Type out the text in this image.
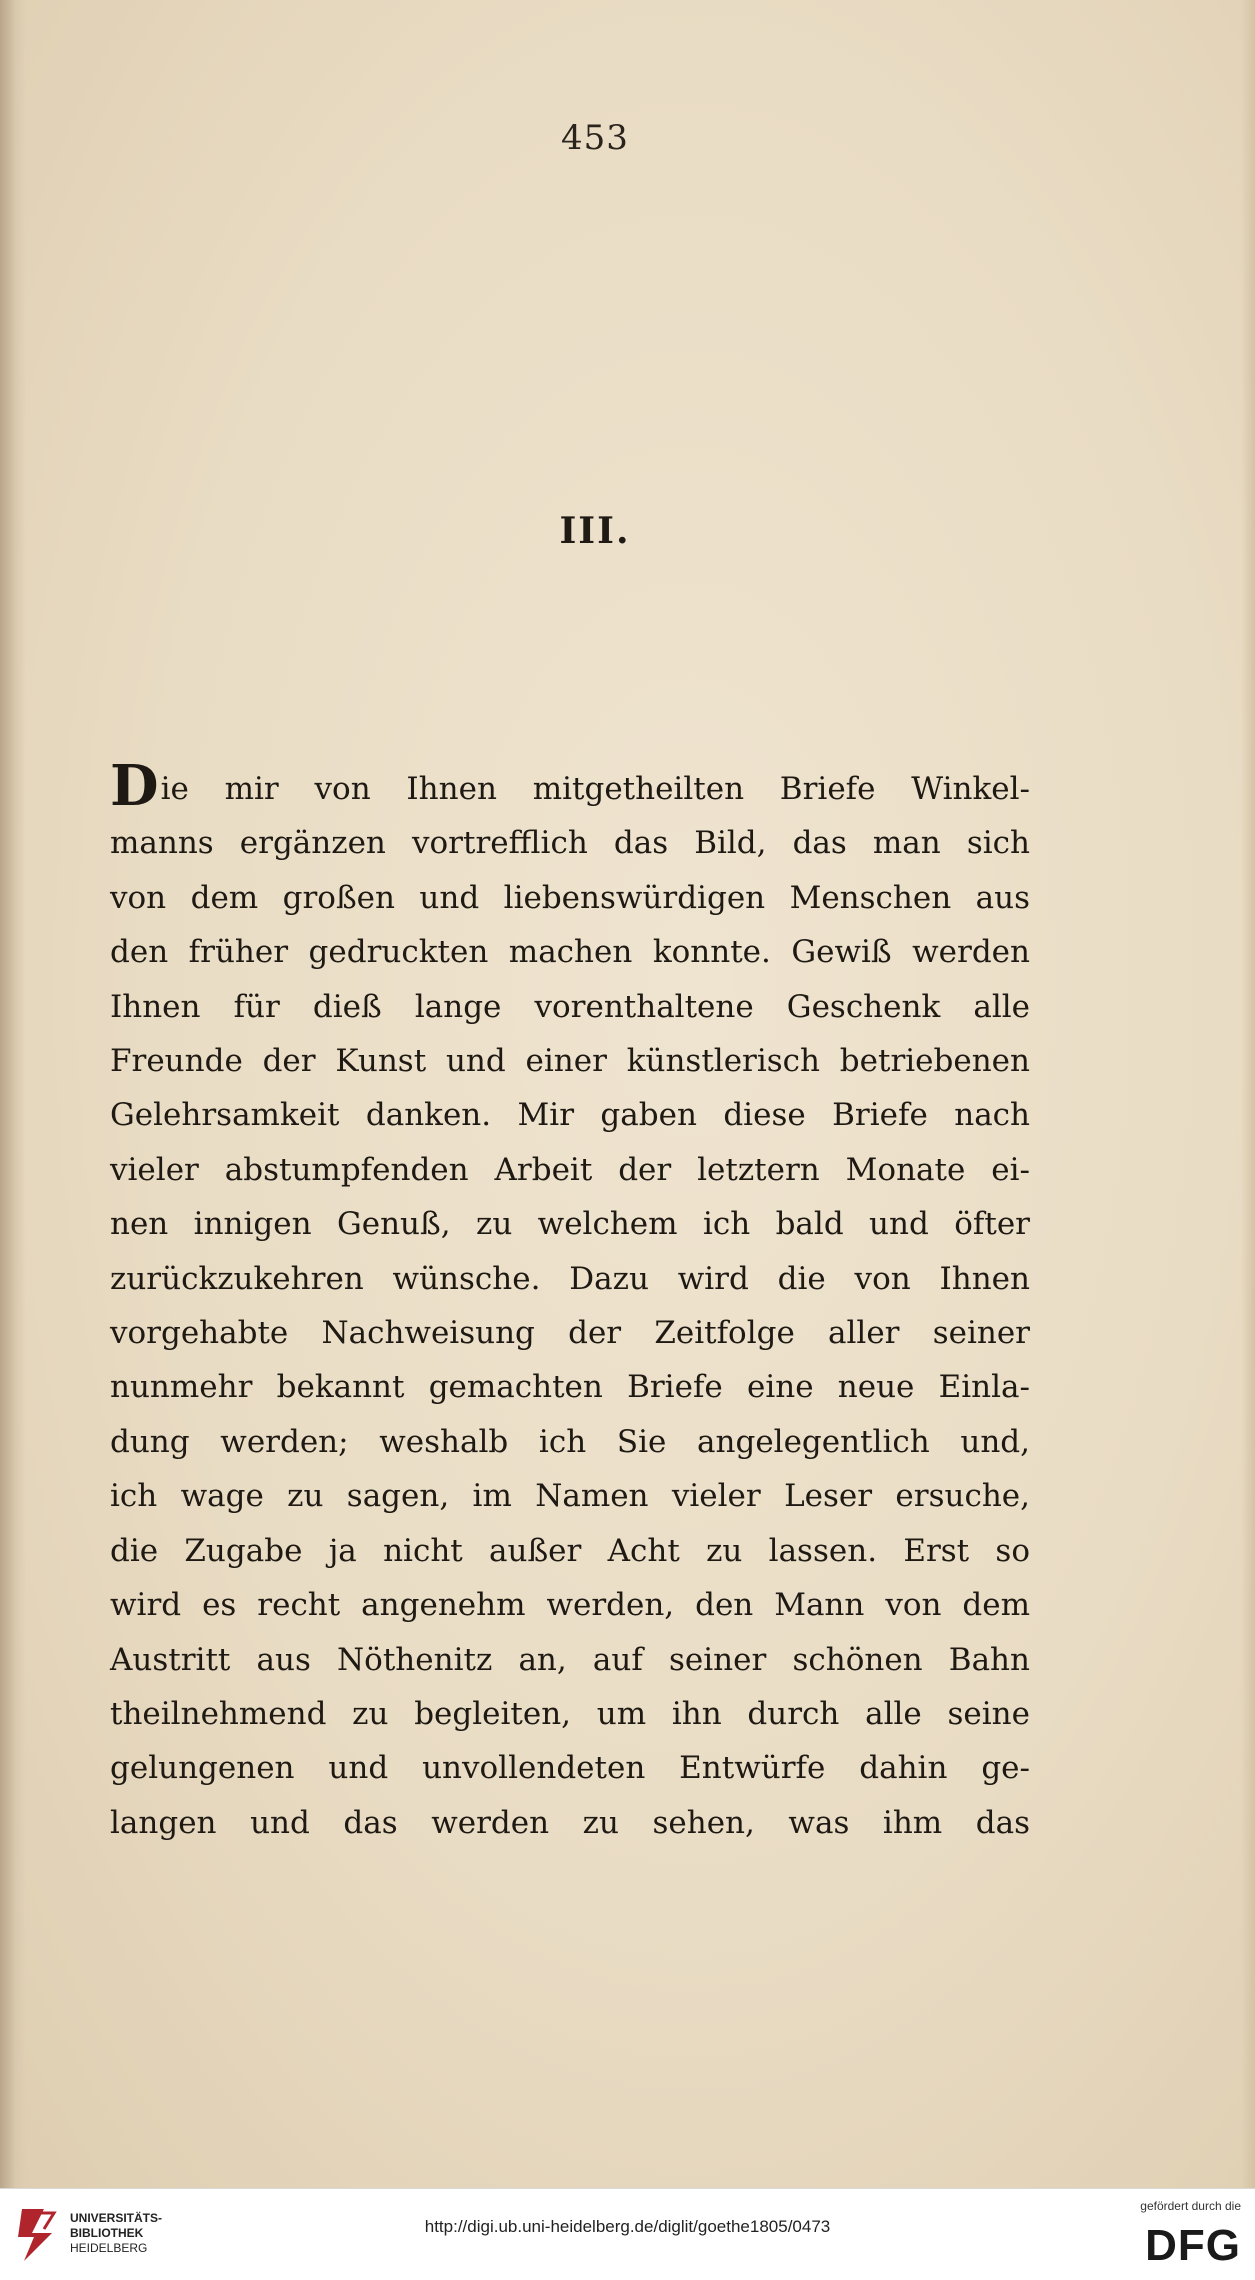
453
III.
Die mir von Ihnen mitgetheilten Briefe Winkel-
manns ergänzen vortrefflich das Bild, das man sich
von dem großen und liebenswürdigen Menschen aus
den früher gedruckten machen konnte. Gewiß werden
Ihnen für dieß lange vorenthaltene Geschenk alle
Freunde der Kunst und einer künstlerisch betriebenen
Gelehrsamkeit danken. Mir gaben diese Briefe nach
vieler abstumpfenden Arbeit der letztern Monate ei-
nen innigen Genuß, zu welchem ich bald und öfter
zurückzukehren wünsche. Dazu wird die von Ihnen
vorgehabte Nachweisung der Zeitfolge aller seiner
nunmehr bekannt gemachten Briefe eine neue Einla-
dung werden; weshalb ich Sie angelegentlich und,
ich wage zu sagen, im Namen vieler Leser ersuche,
die Zugabe ja nicht außer Acht zu lassen. Erst so
wird es recht angenehm werden, den Mann von dem
Austritt aus Nöthenitz an, auf seiner schönen Bahn
theilnehmend zu begleiten, um ihn durch alle seine
gelungenen und unvollendeten Entwürfe dahin ge-
langen und das werden zu sehen, was ihm das
UNIVERSITÄTS-
BIBLIOTHEK
HEIDELBERG
http://digi.ub.uni-heidelberg.de/diglit/goethe1805/0473
gefördert durch die
DFG
